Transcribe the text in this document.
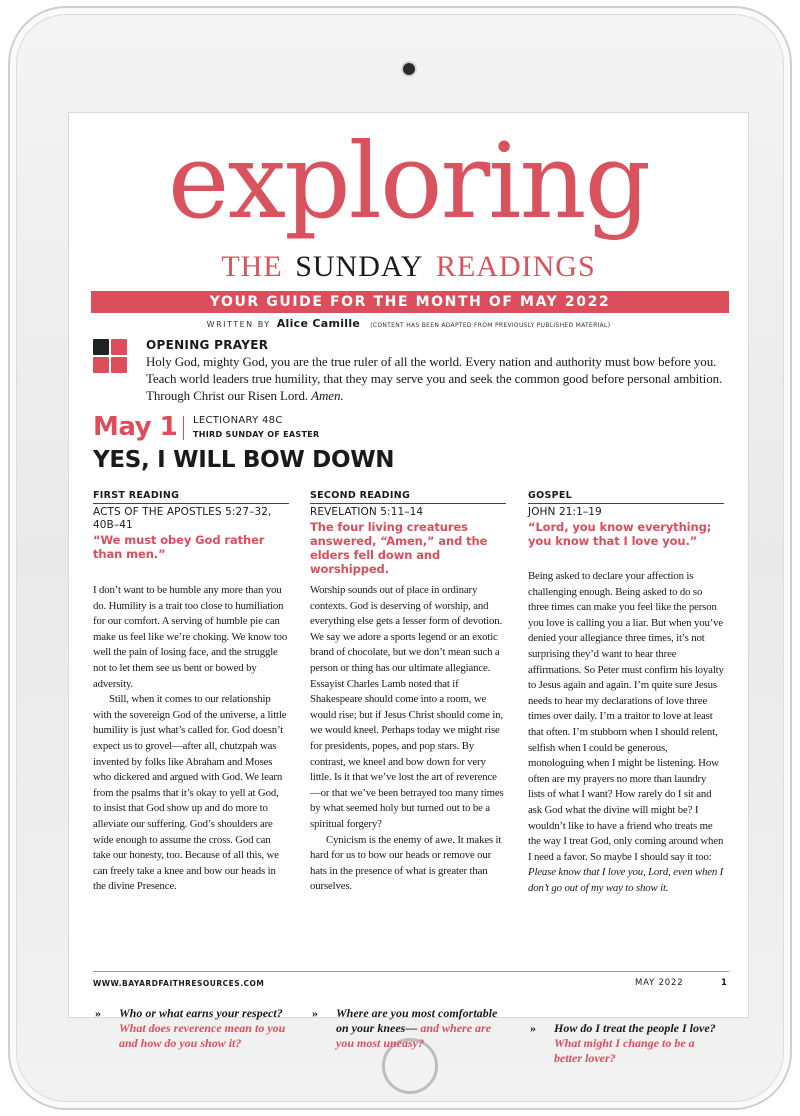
exploring
THE SUNDAY READINGS
YOUR GUIDE FOR THE MONTH OF MAY 2022
WRITTEN BY Alice Camille (CONTENT HAS BEEN ADAPTED FROM PREVIOUSLY PUBLISHED MATERIAL)
OPENING PRAYER
Holy God, mighty God, you are the true ruler of all the world. Every nation and authority must bow before you. Teach world leaders true humility, that they may serve you and seek the common good before personal ambition. Through Christ our Risen Lord. Amen.
May 1 LECTIONARY 48C
THIRD SUNDAY OF EASTER
YES, I WILL BOW DOWN
FIRST READING
ACTS OF THE APOSTLES 5:27–32, 40B–41
“We must obey God rather than men.”

I don’t want to be humble any more than you do. Humility is a trait too close to humiliation for our comfort. A serving of humble pie can make us feel like we’re choking. We know too well the pain of losing face, and the struggle not to let them see us bent or bowed by adversity.

Still, when it comes to our relationship with the sovereign God of the universe, a little humility is just what’s called for. God doesn’t expect us to grovel—after all, chutzpah was invented by folks like Abraham and Moses who dickered and argued with God. We learn from the psalms that it’s okay to yell at God, to insist that God show up and do more to alleviate our suffering. God’s shoulders are wide enough to assume the cross. God can take our honesty, too. Because of all this, we can freely take a knee and bow our heads in the divine Presence.

» Who or what earns your respect? What does reverence mean to you and how do you show it?
SECOND READING
REVELATION 5:11–14
The four living creatures answered, “Amen,” and the elders fell down and worshipped.

Worship sounds out of place in ordinary contexts. God is deserving of worship, and everything else gets a lesser form of devotion. We say we adore a sports legend or an exotic brand of chocolate, but we don’t mean such a person or thing has our ultimate allegiance. Essayist Charles Lamb noted that if Shakespeare should come into a room, we would rise; but if Jesus Christ should come in, we would kneel. Perhaps today we might rise for presidents, popes, and pop stars. By contrast, we kneel and bow down for very little. Is it that we’ve lost the art of reverence—or that we’ve been betrayed too many times by what seemed holy but turned out to be a spiritual forgery?

Cynicism is the enemy of awe. It makes it hard for us to bow our heads or remove our hats in the presence of what is greater than ourselves.

» Where are you most comfortable on your knees— and where are you most uneasy?
GOSPEL
JOHN 21:1–19
“Lord, you know everything; you know that I love you.”

Being asked to declare your affection is challenging enough. Being asked to do so three times can make you feel like the person you love is calling you a liar. But when you’ve denied your allegiance three times, it’s not surprising they’d want to hear three affirmations. So Peter must confirm his loyalty to Jesus again and again. I’m quite sure Jesus needs to hear my declarations of love three times over daily. I’m a traitor to love at least that often. I’m stubborn when I should relent, selfish when I could be generous, monologuing when I might be listening. How often are my prayers no more than laundry lists of what I want? How rarely do I sit and ask God what the divine will might be? I wouldn’t like to have a friend who treats me the way I treat God, only coming around when I need a favor. So maybe I should say it too: Please know that I love you, Lord, even when I don’t go out of my way to show it.

» How do I treat the people I love? What might I change to be a better lover?
WWW.BAYARDFAITHRESOURCES.COM	MAY 2022	1
